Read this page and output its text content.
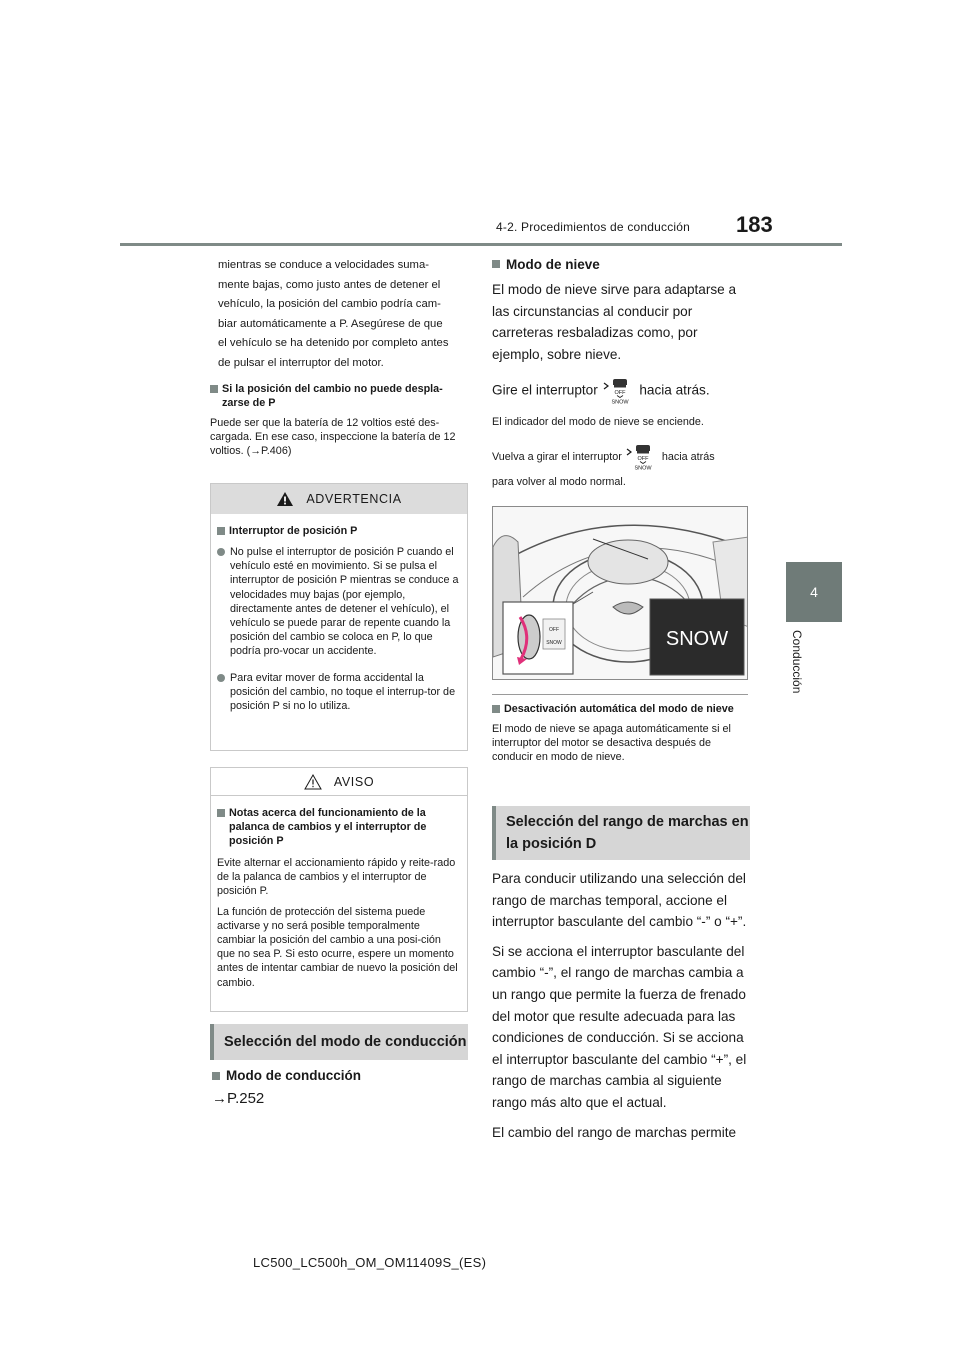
183
4-2. Procedimientos de conducción
4
Conducción
mientras se conduce a velocidades suma-
mente bajas, como justo antes de detener el
vehículo, la posición del cambio podría cam-
biar automáticamente a P. Asegúrese de que
el vehículo se ha detenido por completo antes
de pulsar el interruptor del motor.
Si la posición del cambio no puede despla-zarse de P
Puede ser que la batería de 12 voltios esté des-cargada. En ese caso, inspeccione la batería de 12 voltios. (→P.406)
ADVERTENCIA
Interruptor de posición P
No pulse el interruptor de posición P cuando el vehículo esté en movimiento. Si se pulsa el interruptor de posición P mientras se conduce a velocidades muy bajas (por ejemplo, directamente antes de detener el vehículo), el vehículo se puede parar de repente cuando la posición del cambio se coloca en P, lo que podría pro-vocar un accidente.
Para evitar mover de forma accidental la posición del cambio, no toque el interrup-tor de posición P si no lo utiliza.
AVISO
Notas acerca del funcionamiento de la palanca de cambios y el interruptor de posición P
Evite alternar el accionamiento rápido y reite-rado de la palanca de cambios y el interruptor de posición P.
La función de protección del sistema puede activarse y no será posible temporalmente cambiar la posición del cambio a una posi-ción que no sea P. Si esto ocurre, espere un momento antes de intentar cambiar de nuevo la posición del cambio.
Selección del modo de conducción
Modo de conducción
→P.252
Modo de nieve
El modo de nieve sirve para adaptarse a las circunstancias al conducir por carreteras resbaladizas como, por ejemplo, sobre nieve.
Gire el interruptor	OFF
SNOW
hacia atrás.
El indicador del modo de nieve se enciende.
Vuelva a girar el interruptor	OFF
SNOW
hacia atrás
para volver al modo normal.
OFF
SNOW	SNOW
Desactivación automática del modo de nieve
El modo de nieve se apaga automáticamente si el interruptor del motor se desactiva después de conducir en modo de nieve.
Selección del rango de marchas en la posición D
Para conducir utilizando una selección del rango de marchas temporal, accione el interruptor basculante del cambio “-” o “+”.
Si se acciona el interruptor basculante del cambio “-”, el rango de marchas cambia a un rango que permite la fuerza de frenado del motor que resulte adecuada para las condiciones de conducción. Si se acciona el interruptor basculante del cambio “+”, el rango de marchas cambia al siguiente rango más alto que el actual.
El cambio del rango de marchas permite
LC500_LC500h_OM_OM11409S_(ES)
